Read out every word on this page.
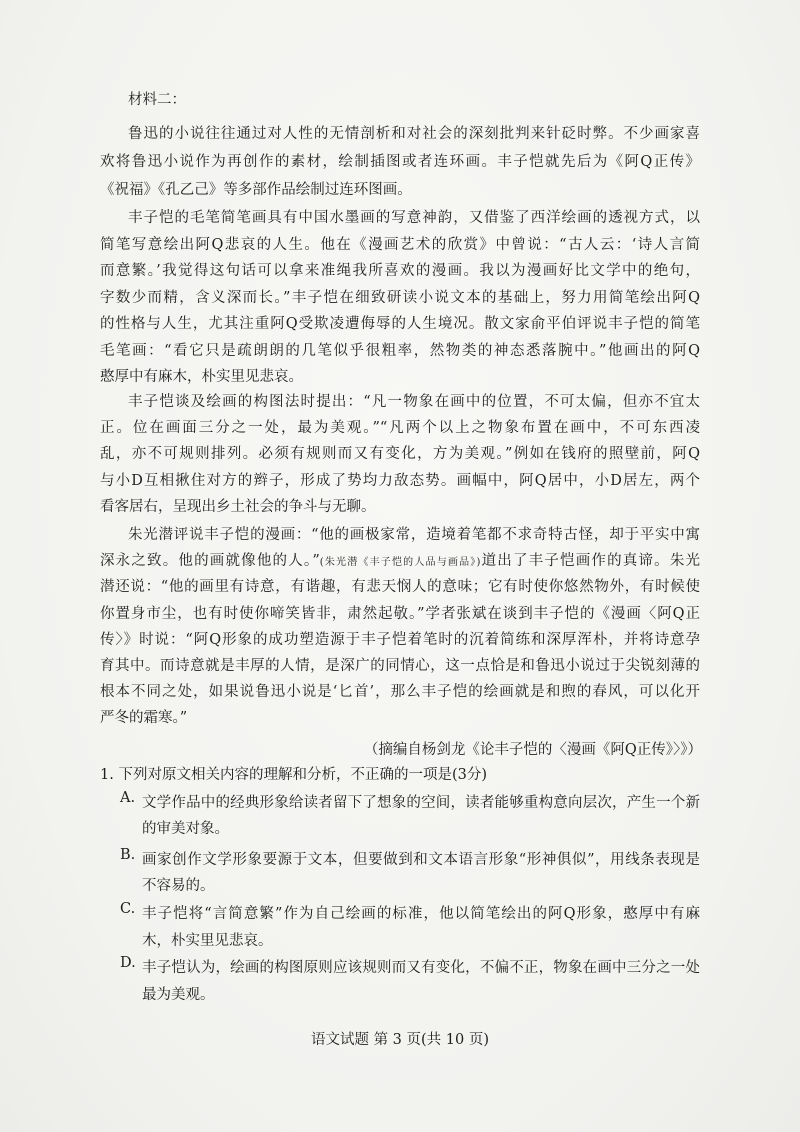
材料二：
鲁迅的小说往往通过对人性的无情剖析和对社会的深刻批判来针砭时弊。不少画家喜
欢将鲁迅小说作为再创作的素材，绘制插图或者连环画。丰子恺就先后为《阿Q正传》
《祝福》《孔乙己》等多部作品绘制过连环图画。
丰子恺的毛笔简笔画具有中国水墨画的写意神韵，又借鉴了西洋绘画的透视方式，以
简笔写意绘出阿Q悲哀的人生。他在《漫画艺术的欣赏》中曾说：“古人云：‘诗人言简
而意繁。’我觉得这句话可以拿来准绳我所喜欢的漫画。我以为漫画好比文学中的绝句，
字数少而精，含义深而长。”丰子恺在细致研读小说文本的基础上，努力用简笔绘出阿Q
的性格与人生，尤其注重阿Q受欺凌遭侮辱的人生境况。散文家俞平伯评说丰子恺的简笔
毛笔画：“看它只是疏朗朗的几笔似乎很粗率，然物类的神态悉落腕中。”他画出的阿Q
憨厚中有麻木，朴实里见悲哀。
丰子恺谈及绘画的构图法时提出：“凡一物象在画中的位置，不可太偏，但亦不宜太
正。位在画面三分之一处，最为美观。”“凡两个以上之物象布置在画中，不可东西凌
乱，亦不可规则排列。必须有规则而又有变化，方为美观。”例如在钱府的照壁前，阿Q
与小D互相揪住对方的辫子，形成了势均力敌态势。画幅中，阿Q居中，小D居左，两个
看客居右，呈现出乡土社会的争斗与无聊。
朱光潜评说丰子恺的漫画：“他的画极家常，造境着笔都不求奇特古怪，却于平实中寓
深永之致。他的画就像他的人。”(朱光潜《丰子恺的人品与画品》)道出了丰子恺画作的真谛。朱光
潜还说：“他的画里有诗意，有谐趣，有悲天悯人的意味；它有时使你悠然物外，有时候使
你置身市尘，也有时使你啼笑皆非，肃然起敬。”学者张斌在谈到丰子恺的《漫画〈阿Q正
传〉》时说：“阿Q形象的成功塑造源于丰子恺着笔时的沉着简练和深厚浑朴，并将诗意孕
育其中。而诗意就是丰厚的人情，是深广的同情心，这一点恰是和鲁迅小说过于尖锐刻薄的
根本不同之处，如果说鲁迅小说是‘匕首’，那么丰子恺的绘画就是和煦的春风，可以化开
严冬的霜寒。”
（摘编自杨剑龙《论丰子恺的〈漫画《阿Q正传》〉》）
1. 下列对原文相关内容的理解和分析，不正确的一项是(3分)
A. 文学作品中的经典形象给读者留下了想象的空间，读者能够重构意向层次，产生一个新
的审美对象。
B. 画家创作文学形象要源于文本，但要做到和文本语言形象“形神俱似”，用线条表现是
不容易的。
C. 丰子恺将“言简意繁”作为自己绘画的标准，他以简笔绘出的阿Q形象，憨厚中有麻
木，朴实里见悲哀。
D. 丰子恺认为，绘画的构图原则应该规则而又有变化，不偏不正，物象在画中三分之一处
最为美观。
语文试题 第 3 页(共 10 页)
